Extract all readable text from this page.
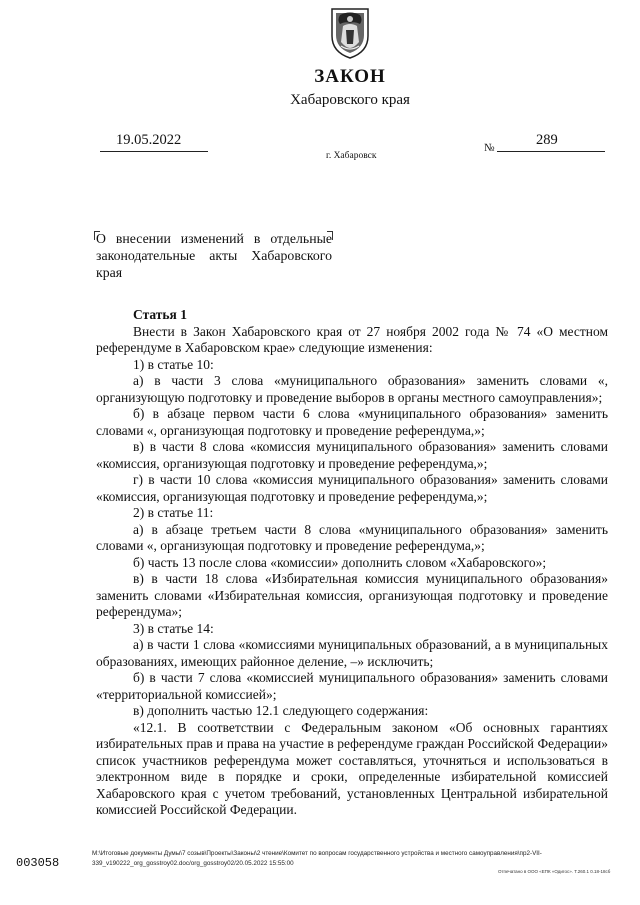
ЗАКОН
Хабаровского края
19.05.2022
г. Хабаровск
№	289
О внесении изменений в отдельные законодательные акты Хабаровского края
Статья 1

Внести в Закон Хабаровского края от 27 ноября 2002 года № 74 «О местном референдуме в Хабаровском крае» следующие изменения:

1) в статье 10:

а) в части 3 слова «муниципального образования» заменить словами «, организующую подготовку и проведение выборов в органы местного самоуправления»;

б) в абзаце первом части 6 слова «муниципального образования» заменить словами «, организующая подготовку и проведение референдума,»;

в) в части 8 слова «комиссия муниципального образования» заменить словами «комиссия, организующая подготовку и проведение референдума,»;

г) в части 10 слова «комиссия муниципального образования» заменить словами «комиссия, организующая подготовку и проведение референдума,»;

2) в статье 11:

а) в абзаце третьем части 8 слова «муниципального образования» заменить словами «, организующая подготовку и проведение референдума,»;

б) часть 13 после слова «комиссии» дополнить словом «Хабаровского»;

в) в части 18 слова «Избирательная комиссия муниципального образования» заменить словами «Избирательная комиссия, организующая подготовку и проведение референдума»;

3) в статье 14:

а) в части 1 слова «комиссиями муниципальных образований, а в муниципальных образованиях, имеющих районное деление, –» исключить;

б) в части 7 слова «комиссией муниципального образования» заменить словами «территориальной комиссией»;

в) дополнить частью 12.1 следующего содержания:

«12.1. В соответствии с Федеральным законом «Об основных гарантиях избирательных прав и права на участие в референдуме граждан Российской Федерации» список участников референдума может составляться, уточняться и использоваться в электронном виде в порядке и сроки, определенные избирательной комиссией Хабаровского края с учетом требований, установленных Центральной избирательной комиссией Российской Федерации.

003058
М:\Итоговые документы Думы\7 созыв\Проекты\Законы\2 чтение\Комитет по вопросам государственного устройства и местного самоуправления\пр2-VII-339_v190222_org_gosstroy02.doc/org_gosstroy02/20.05.2022 15:55:00
Отпечатано в ООО «ЕПК «Одигос». Т.260.1 0.18-18сб
